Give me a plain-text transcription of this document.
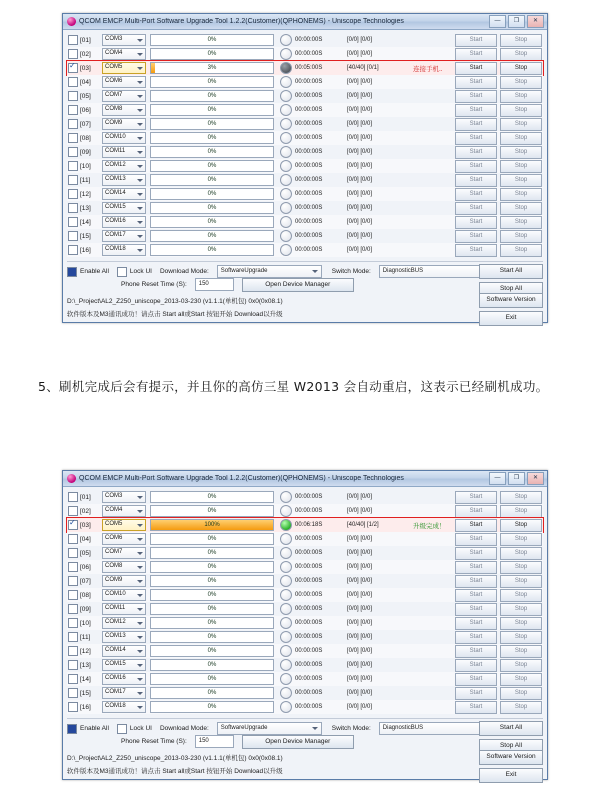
QCOM EMCP Multi-Port Software Upgrade Tool 1.2.2(Customer)(QPHONEMS) - Uniscope Technologies	—	❐	✕
[01]	COM3	0%	00:00:00S	[0/0] [0/0]	Start	Stop
[02]	COM4	0%	00:00:00S	[0/0] [0/0]	Start	Stop
✓
[03]	COM5	3%	00:05:00S	[40/40] [0/1]	连接手机..	Start	Stop
[04]	COM6	0%	00:00:00S	[0/0] [0/0]	Start	Stop
[05]	COM7	0%	00:00:00S	[0/0] [0/0]	Start	Stop
[06]	COM8	0%	00:00:00S	[0/0] [0/0]	Start	Stop
[07]	COM9	0%	00:00:00S	[0/0] [0/0]	Start	Stop
[08]	COM10	0%	00:00:00S	[0/0] [0/0]	Start	Stop
[09]	COM11	0%	00:00:00S	[0/0] [0/0]	Start	Stop
[10]	COM12	0%	00:00:00S	[0/0] [0/0]	Start	Stop
[11]	COM13	0%	00:00:00S	[0/0] [0/0]	Start	Stop
[12]	COM14	0%	00:00:00S	[0/0] [0/0]	Start	Stop
[13]	COM15	0%	00:00:00S	[0/0] [0/0]	Start	Stop
[14]	COM16	0%	00:00:00S	[0/0] [0/0]	Start	Stop
[15]	COM17	0%	00:00:00S	[0/0] [0/0]	Start	Stop
[16]	COM18	0%	00:00:00S	[0/0] [0/0]	Start	Stop
Enable All	Lock UI Download Mode:	SoftwareUpgrade	Switch Mode:	DiagnosticBUS
Phone Reset Time (S):	150	Open Device Manager
Start All
Stop All
D:\_Project\AL2_Z250_uniscope_2013-03-230 (v1.1.1(单机包) 0x0(0x08.1)
软件版本及M3通讯成功！请点击 Start all或Start 按钮开始 Download以升级
Software Version
Exit
5、刷机完成后会有提示，并且你的高仿三星 W2013 会自动重启，这表示已经刷机成功。
QCOM EMCP Multi-Port Software Upgrade Tool 1.2.2(Customer)(QPHONEMS) - Uniscope Technologies	—	❐	✕
[01]	COM3	0%	00:00:00S	[0/0] [0/0]	Start	Stop
[02]	COM4	0%	00:00:00S	[0/0] [0/0]	Start	Stop
✓
[03]	COM5	100%	00:06:18S	[40/40] [1/2]	升级完成！	Start	Stop
[04]	COM6	0%	00:00:00S	[0/0] [0/0]	Start	Stop
[05]	COM7	0%	00:00:00S	[0/0] [0/0]	Start	Stop
[06]	COM8	0%	00:00:00S	[0/0] [0/0]	Start	Stop
[07]	COM9	0%	00:00:00S	[0/0] [0/0]	Start	Stop
[08]	COM10	0%	00:00:00S	[0/0] [0/0]	Start	Stop
[09]	COM11	0%	00:00:00S	[0/0] [0/0]	Start	Stop
[10]	COM12	0%	00:00:00S	[0/0] [0/0]	Start	Stop
[11]	COM13	0%	00:00:00S	[0/0] [0/0]	Start	Stop
[12]	COM14	0%	00:00:00S	[0/0] [0/0]	Start	Stop
[13]	COM15	0%	00:00:00S	[0/0] [0/0]	Start	Stop
[14]	COM16	0%	00:00:00S	[0/0] [0/0]	Start	Stop
[15]	COM17	0%	00:00:00S	[0/0] [0/0]	Start	Stop
[16]	COM18	0%	00:00:00S	[0/0] [0/0]	Start	Stop
Enable All	Lock UI Download Mode:	SoftwareUpgrade	Switch Mode:	DiagnosticBUS
Phone Reset Time (S):	150	Open Device Manager
Start All
Stop All
D:\_Project\AL2_Z250_uniscope_2013-03-230 (v1.1.1(单机包) 0x0(0x08.1)
软件版本及M3通讯成功！请点击 Start all或Start 按钮开始 Download以升级
Software Version
Exit
